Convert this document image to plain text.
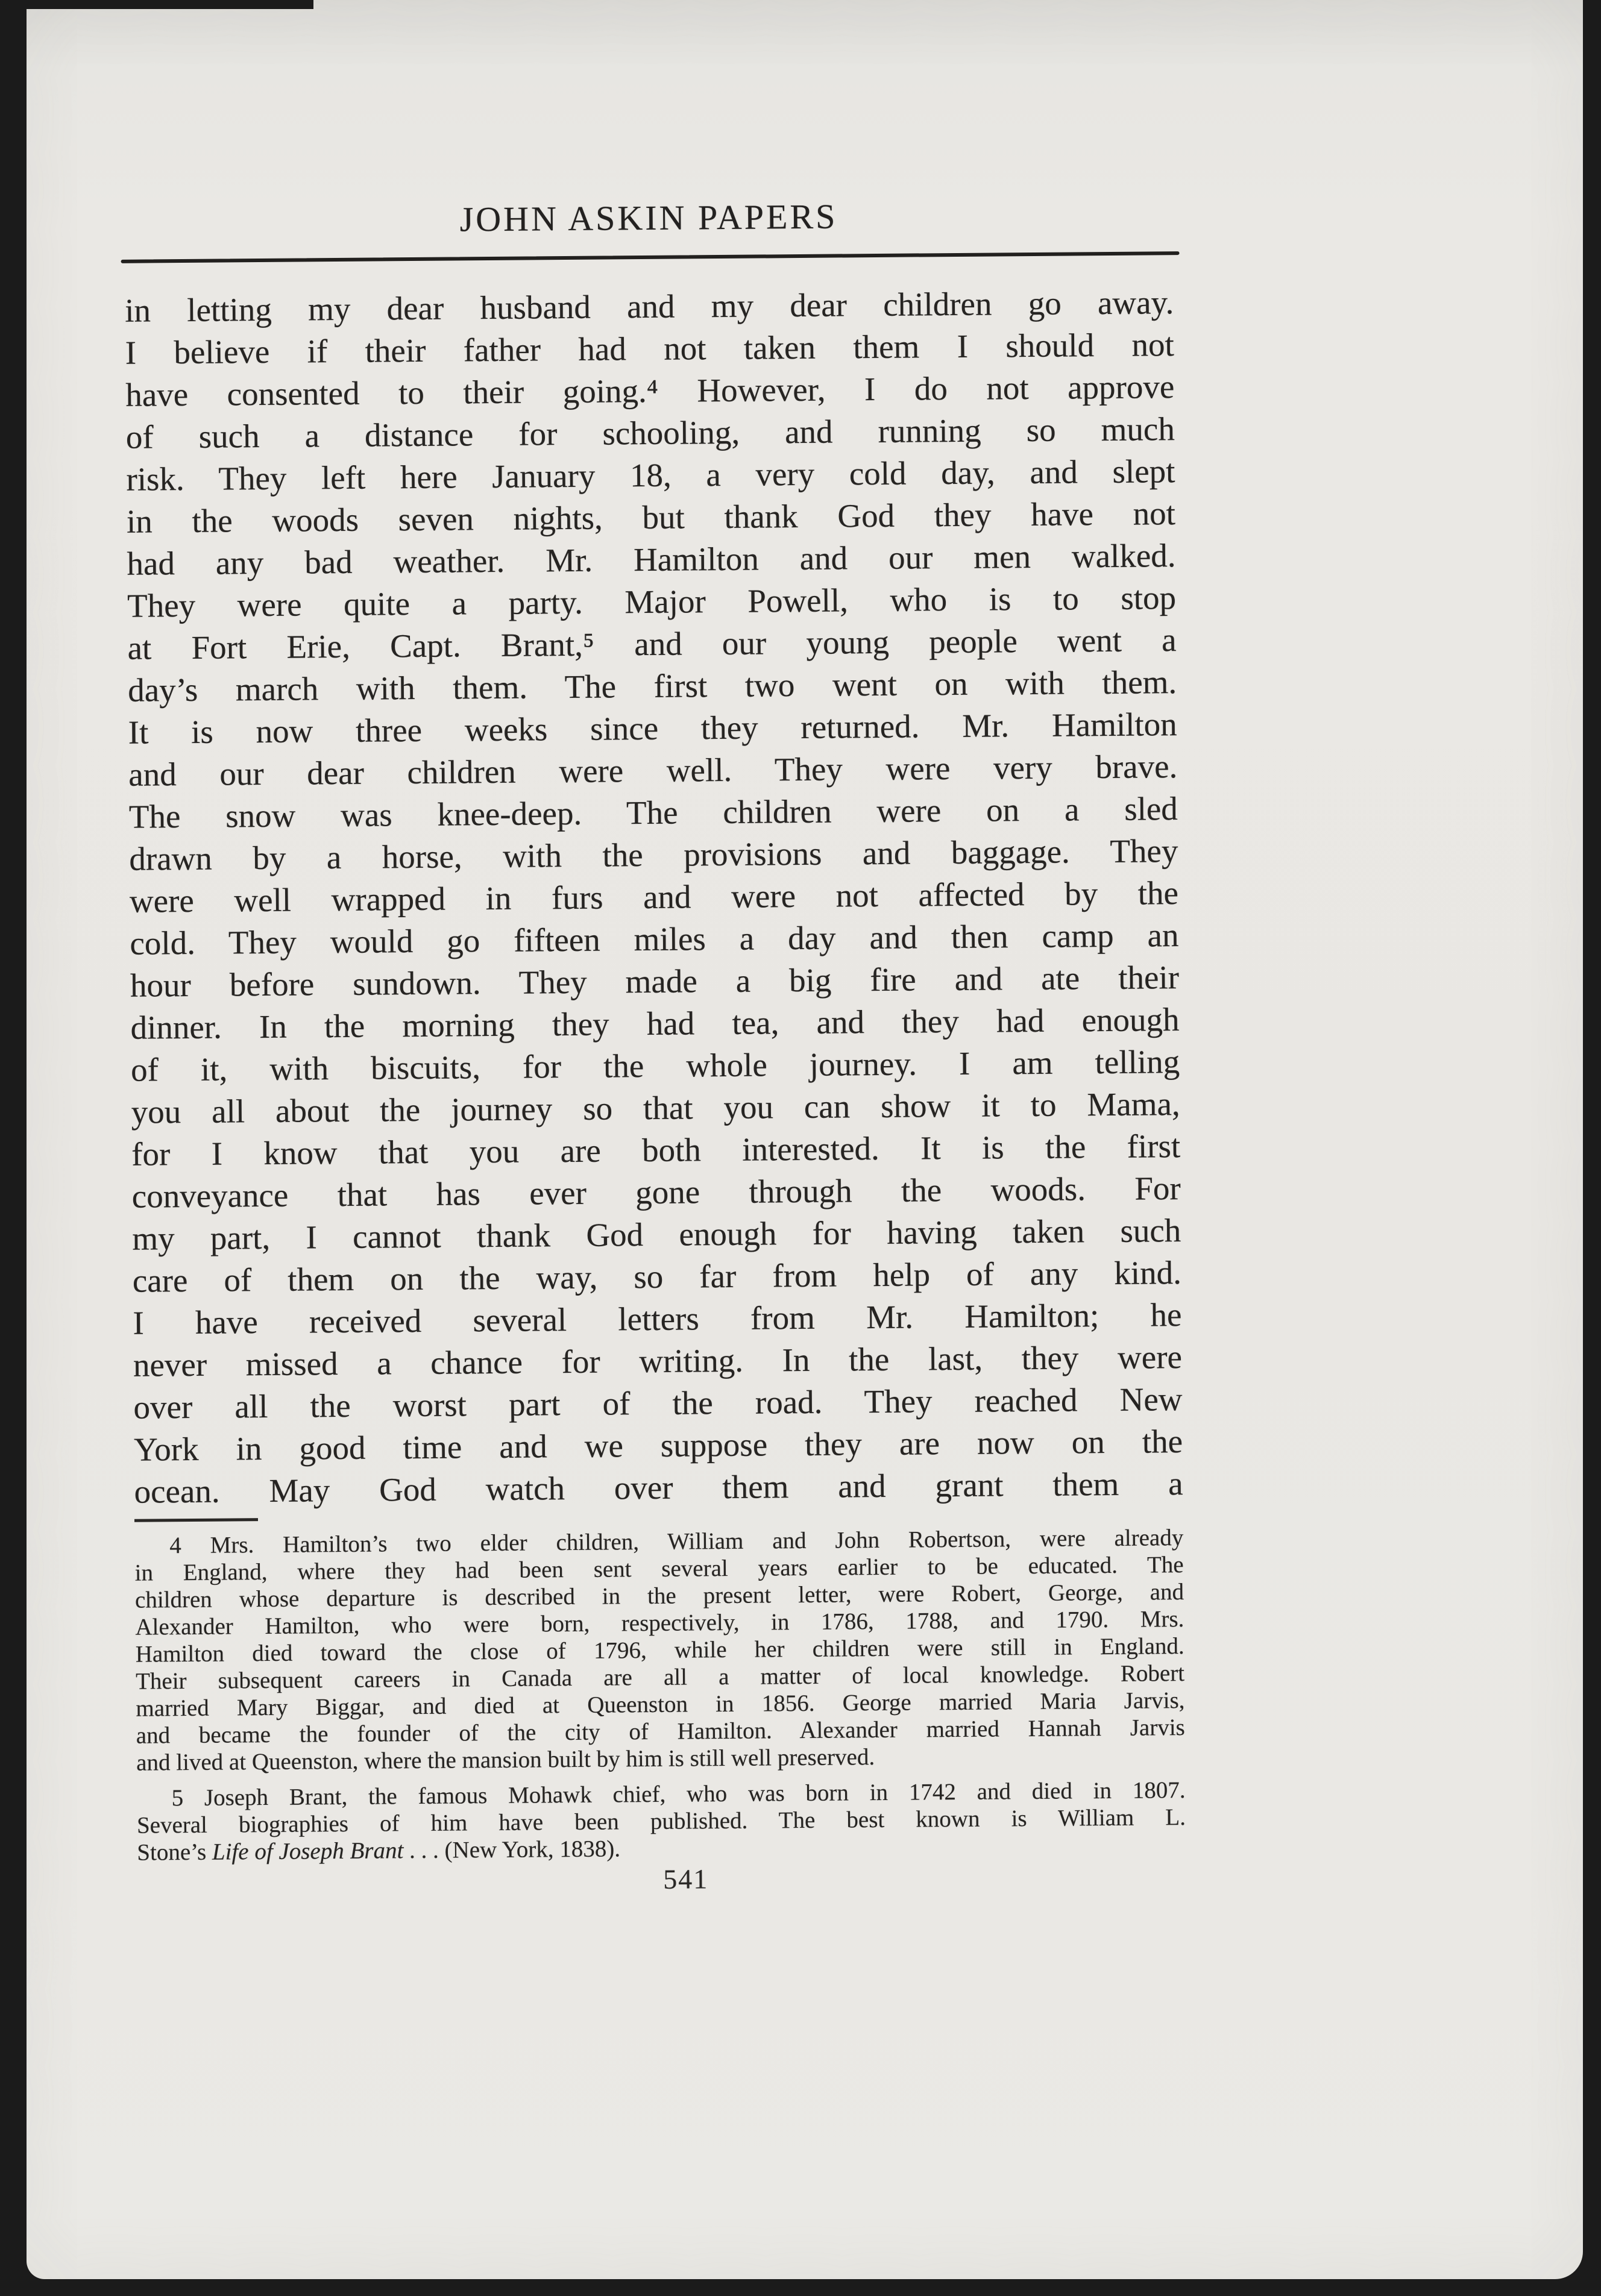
JOHN ASKIN PAPERS
in letting my dear husband and my dear children go away.
I believe if their father had not taken them I should not
have consented to their going.⁴ However, I do not approve
of such a distance for schooling, and running so much
risk. They left here January 18, a very cold day, and slept
in the woods seven nights, but thank God they have not
had any bad weather. Mr. Hamilton and our men walked.
They were quite a party. Major Powell, who is to stop
at Fort Erie, Capt. Brant,⁵ and our young people went a
day’s march with them. The first two went on with them.
It is now three weeks since they returned. Mr. Hamilton
and our dear children were well. They were very brave.
The snow was knee-deep. The children were on a sled
drawn by a horse, with the provisions and baggage. They
were well wrapped in furs and were not affected by the
cold. They would go fifteen miles a day and then camp an
hour before sundown. They made a big fire and ate their
dinner. In the morning they had tea, and they had enough
of it, with biscuits, for the whole journey. I am telling
you all about the journey so that you can show it to Mama,
for I know that you are both interested. It is the first
conveyance that has ever gone through the woods. For
my part, I cannot thank God enough for having taken such
care of them on the way, so far from help of any kind.
I have received several letters from Mr. Hamilton; he
never missed a chance for writing. In the last, they were
over all the worst part of the road. They reached New
York in good time and we suppose they are now on the
ocean. May God watch over them and grant them a
4 Mrs. Hamilton’s two elder children, William and John Robertson, were already
in England, where they had been sent several years earlier to be educated. The
children whose departure is described in the present letter, were Robert, George, and
Alexander Hamilton, who were born, respectively, in 1786, 1788, and 1790. Mrs.
Hamilton died toward the close of 1796, while her children were still in England.
Their subsequent careers in Canada are all a matter of local knowledge. Robert
married Mary Biggar, and died at Queenston in 1856. George married Maria Jarvis,
and became the founder of the city of Hamilton. Alexander married Hannah Jarvis
and lived at Queenston, where the mansion built by him is still well preserved.
5 Joseph Brant, the famous Mohawk chief, who was born in 1742 and died in 1807.
Several biographies of him have been published. The best known is William L.
Stone’s Life of Joseph Brant . . . (New York, 1838).
541
